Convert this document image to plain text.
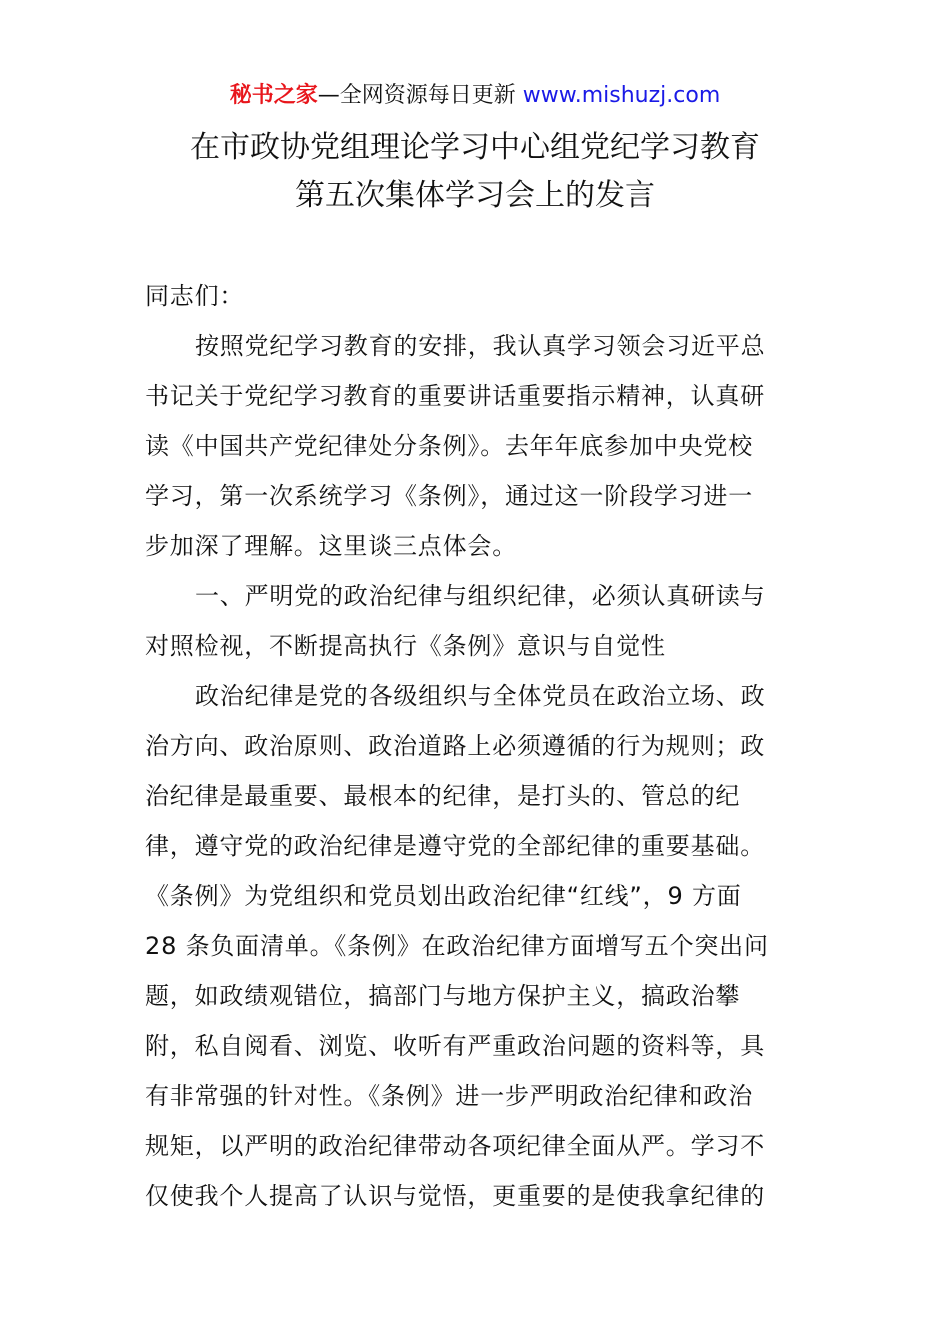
秘书之家—全网资源每日更新 www.mishuzj.com
在市政协党组理论学习中心组党纪学习教育
第五次集体学习会上的发言
同志们：
按照党纪学习教育的安排，我认真学习领会习近平总
书记关于党纪学习教育的重要讲话重要指示精神，认真研
读《中国共产党纪律处分条例》。去年年底参加中央党校
学习，第一次系统学习《条例》，通过这一阶段学习进一
步加深了理解。这里谈三点体会。
一、严明党的政治纪律与组织纪律，必须认真研读与
对照检视，不断提高执行《条例》意识与自觉性
政治纪律是党的各级组织与全体党员在政治立场、政
治方向、政治原则、政治道路上必须遵循的行为规则；政
治纪律是最重要、最根本的纪律，是打头的、管总的纪
律，遵守党的政治纪律是遵守党的全部纪律的重要基础。
《条例》为党组织和党员划出政治纪律“红线”，9 方面
28 条负面清单。《条例》在政治纪律方面增写五个突出问
题，如政绩观错位，搞部门与地方保护主义，搞政治攀
附，私自阅看、浏览、收听有严重政治问题的资料等，具
有非常强的针对性。《条例》进一步严明政治纪律和政治
规矩，以严明的政治纪律带动各项纪律全面从严。学习不
仅使我个人提高了认识与觉悟，更重要的是使我拿纪律的
